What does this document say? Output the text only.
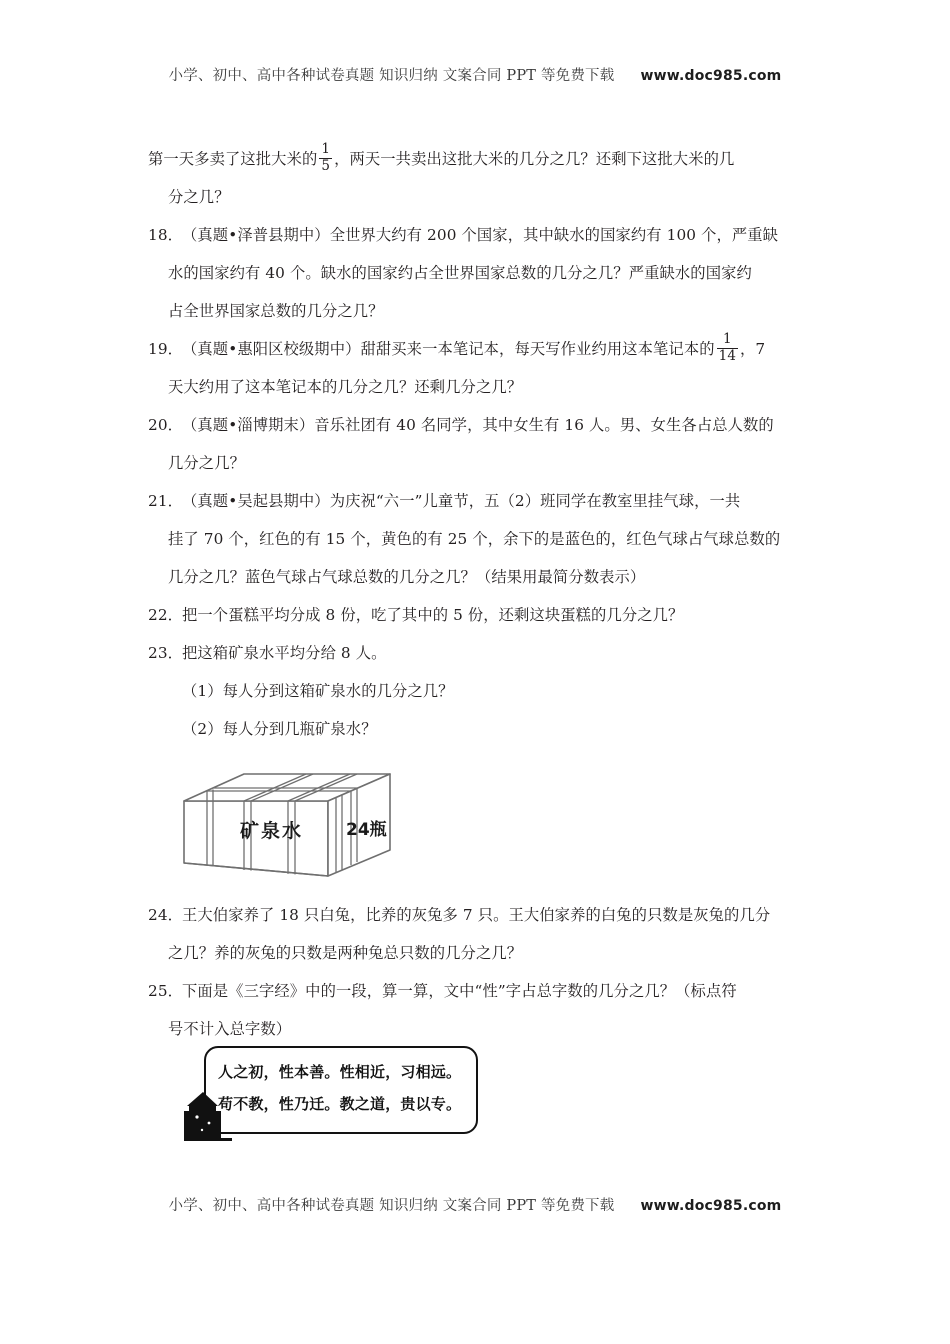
小学、初中、高中各种试卷真题 知识归纳 文案合同 PPT 等免费下载 www.doc985.com
第一天多卖了这批大米的 $\frac{1}{5}$ ，两天一共卖出这批大米的几分之几？还剩下这批大米的几
分之几？
18．（真题•泽普县期中）全世界大约有 200 个国家，其中缺水的国家约有 100 个，严重缺
水的国家约有 40 个。缺水的国家约占全世界国家总数的几分之几？严重缺水的国家约
占全世界国家总数的几分之几？
19．（真题•惠阳区校级期中）甜甜买来一本笔记本，每天写作业约用这本笔记本的 $\frac{1}{14}$ ，7
天大约用了这本笔记本的几分之几？还剩几分之几？
20．（真题•淄博期末）音乐社团有 40 名同学，其中女生有 16 人。男、女生各占总人数的
几分之几？
21．（真题•吴起县期中）为庆祝“六一”儿童节，五（2）班同学在教室里挂气球，一共
挂了 70 个，红色的有 15 个，黄色的有 25 个，余下的是蓝色的，红色气球占气球总数的
几分之几？蓝色气球占气球总数的几分之几？（结果用最简分数表示）
22．把一个蛋糕平均分成 8 份，吃了其中的 5 份，还剩这块蛋糕的几分之几？
23．把这箱矿泉水平均分给 8 人。
（1）每人分到这箱矿泉水的几分之几？
（2）每人分到几瓶矿泉水？
24．王大伯家养了 18 只白兔，比养的灰兔多 7 只。王大伯家养的白兔的只数是灰兔的几分
之几？养的灰兔的只数是两种兔总只数的几分之几？
25．下面是《三字经》中的一段，算一算，文中“性”字占总字数的几分之几？（标点符
号不计入总字数）
矿泉水	24瓶
人之初，性本善。性相近，习相远。
苟不教，性乃迁。教之道，贵以专。
小学、初中、高中各种试卷真题 知识归纳 文案合同 PPT 等免费下载 www.doc985.com
